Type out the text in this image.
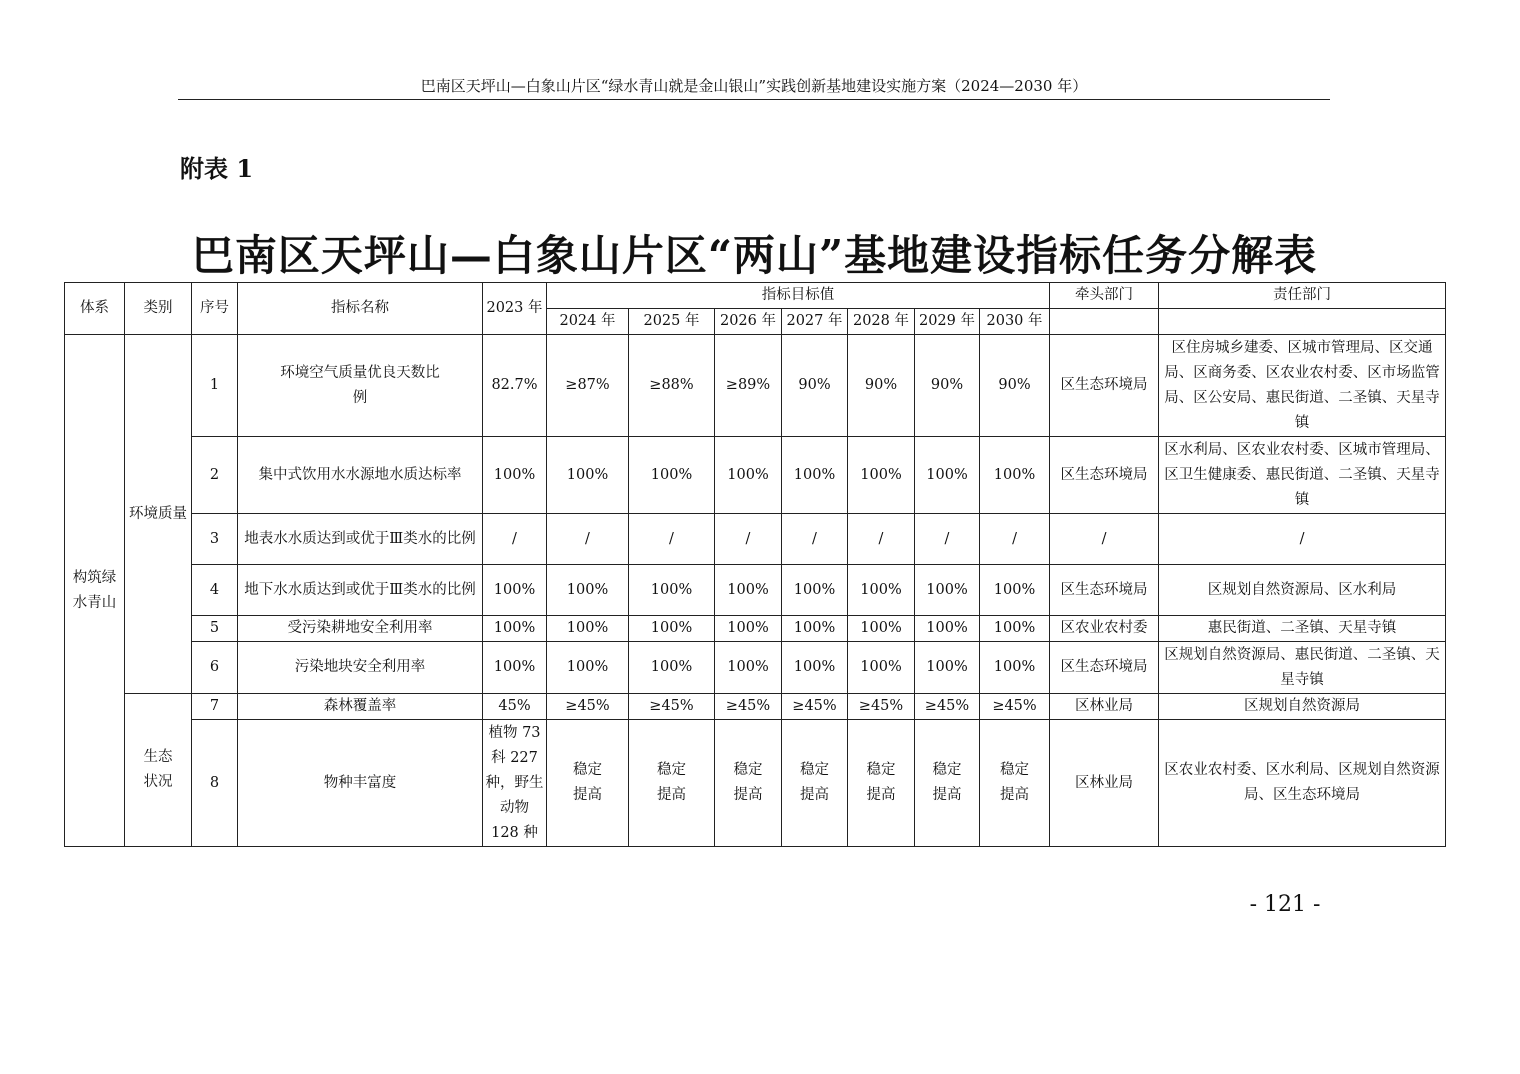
巴南区天坪山—白象山片区“绿水青山就是金山银山”实践创新基地建设实施方案（2024—2030 年）
附表 1
巴南区天坪山—白象山片区“两山”基地建设指标任务分解表
体系	类别	序号	指标名称	2023 年	指标目标值							牵头部门	责任部门
					2024 年	2025 年	2026 年	2027 年	2028 年	2029 年	2030 年		
构筑绿水青山	环境质量	1	环境空气质量优良天数比例	82.7%	≥87%	≥88%	≥89%	90%	90%	90%	90%	区生态环境局	区住房城乡建委、区城市管理局、区交通局、区商务委、区农业农村委、区市场监管局、区公安局、惠民街道、二圣镇、天星寺镇
		2	集中式饮用水水源地水质达标率	100%	100%	100%	100%	100%	100%	100%	100%	区生态环境局	区水利局、区农业农村委、区城市管理局、区卫生健康委、惠民街道、二圣镇、天星寺镇
		3	地表水水质达到或优于Ⅲ类水的比例	/	/	/	/	/	/	/	/	/	/
		4	地下水水质达到或优于Ⅲ类水的比例	100%	100%	100%	100%	100%	100%	100%	100%	区生态环境局	区规划自然资源局、区水利局
		5	受污染耕地安全利用率	100%	100%	100%	100%	100%	100%	100%	100%	区农业农村委	惠民街道、二圣镇、天星寺镇
		6	污染地块安全利用率	100%	100%	100%	100%	100%	100%	100%	100%	区生态环境局	区规划自然资源局、惠民街道、二圣镇、天星寺镇
	生态状况	7	森林覆盖率	45%	≥45%	≥45%	≥45%	≥45%	≥45%	≥45%	≥45%	区林业局	区规划自然资源局
		8	物种丰富度	植物 73 科 227 种，野生动物 128 种	稳定提高	稳定提高	稳定提高	稳定提高	稳定提高	稳定提高	稳定提高	区林业局	区农业农村委、区水利局、区规划自然资源局、区生态环境局
- 121 -
